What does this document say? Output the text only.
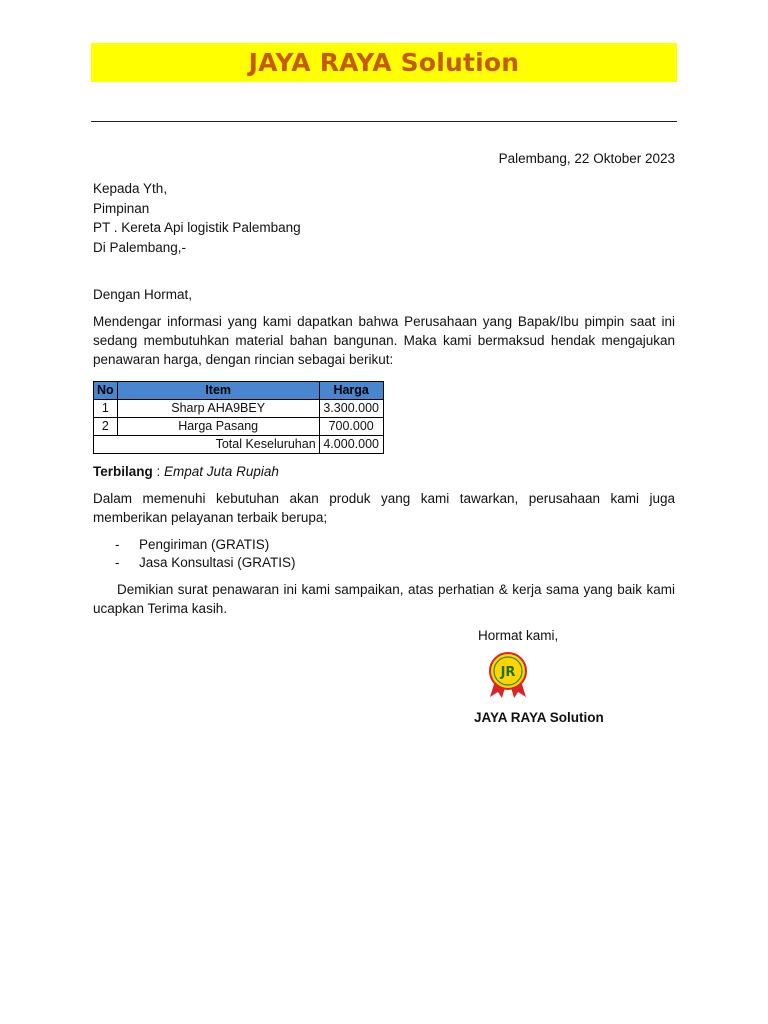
JAYA RAYA Solution
Palembang, 22 Oktober 2023
Kepada Yth,
Pimpinan
PT . Kereta Api logistik Palembang
Di Palembang,-
Dengan Hormat,
Mendengar informasi yang kami dapatkan bahwa Perusahaan yang Bapak/Ibu pimpin saat ini sedang membutuhkan material bahan bangunan. Maka kami bermaksud hendak mengajukan penawaran harga, dengan rincian sebagai berikut:
No	Item	Harga
1	Sharp AHA9BEY	3.300.000
2	Harga Pasang	700.000
Total Keseluruhan		4.000.000
Terbilang : Empat Juta Rupiah
Dalam memenuhi kebutuhan akan produk yang kami tawarkan, perusahaan kami juga memberikan pelayanan terbaik berupa;
-	Pengiriman (GRATIS)
-	Jasa Konsultasi (GRATIS)
Demikian surat penawaran ini kami sampaikan, atas perhatian & kerja sama yang baik kami ucapkan Terima kasih.
Hormat kami,
JR
JAYA RAYA Solution
